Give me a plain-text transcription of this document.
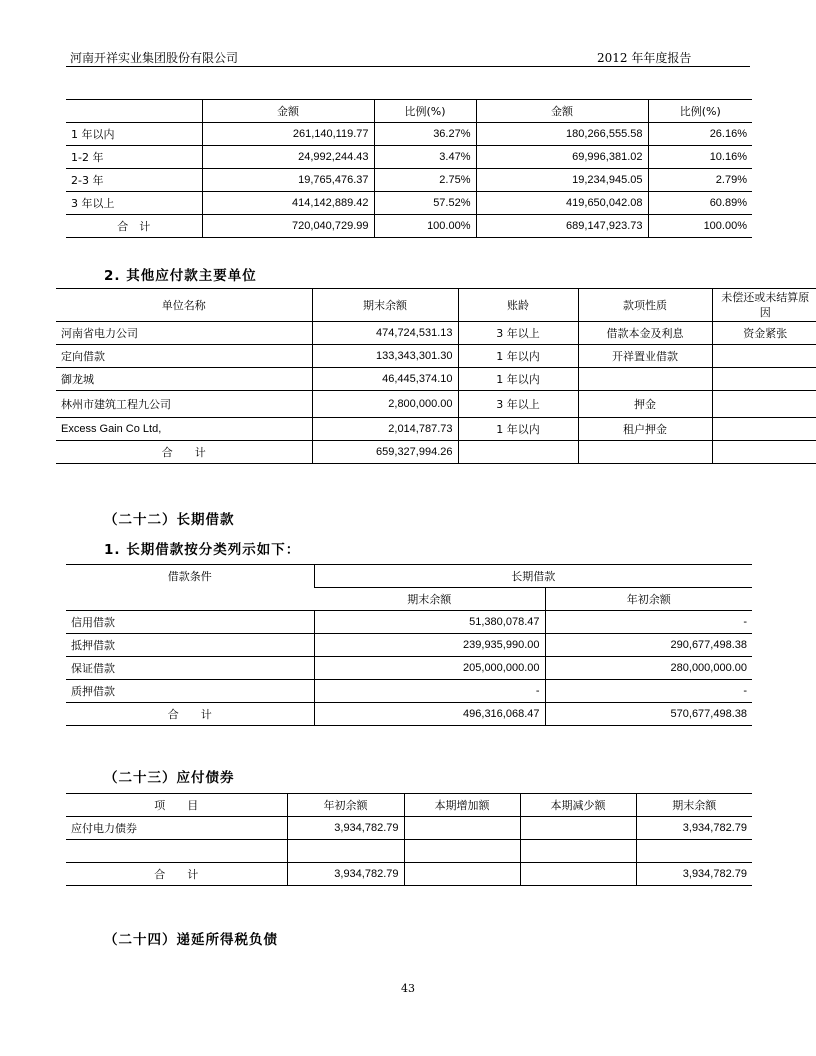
河南开祥实业集团股份有限公司	2012 年年度报告
	金额	比例(%)	金额	比例(%)
1 年以内	261,140,119.77	36.27%	180,266,555.58	26.16%
1-2 年	24,992,244.43	3.47%	69,996,381.02	10.16%
2-3 年	19,765,476.37	2.75%	19,234,945.05	2.79%
3 年以上	414,142,889.42	57.52%	419,650,042.08	60.89%
合　计	720,040,729.99	100.00%	689,147,923.73	100.00%
2. 其他应付款主要单位
单位名称	期末余额	账龄	款项性质	未偿还或未结算原因
河南省电力公司	474,724,531.13	3 年以上	借款本金及利息	资金紧张
定向借款	133,343,301.30	1 年以内	开祥置业借款	
御龙城	46,445,374.10	1 年以内		
林州市建筑工程九公司	2,800,000.00	3 年以上	押金	
Excess Gain Co Ltd,	2,014,787.73	1 年以内	租户押金	
合　　计	659,327,994.26			
（二十二）长期借款
1. 长期借款按分类列示如下：
借款条件	长期借款	
	期末余额	年初余额
信用借款	51,380,078.47	-
抵押借款	239,935,990.00	290,677,498.38
保证借款	205,000,000.00	280,000,000.00
质押借款	-	-
合　　计	496,316,068.47	570,677,498.38
（二十三）应付债券
项　　目	年初余额	本期增加额	本期减少额	期末余额
应付电力债券	3,934,782.79			3,934,782.79

合　　计	3,934,782.79			3,934,782.79
（二十四）递延所得税负债
43
